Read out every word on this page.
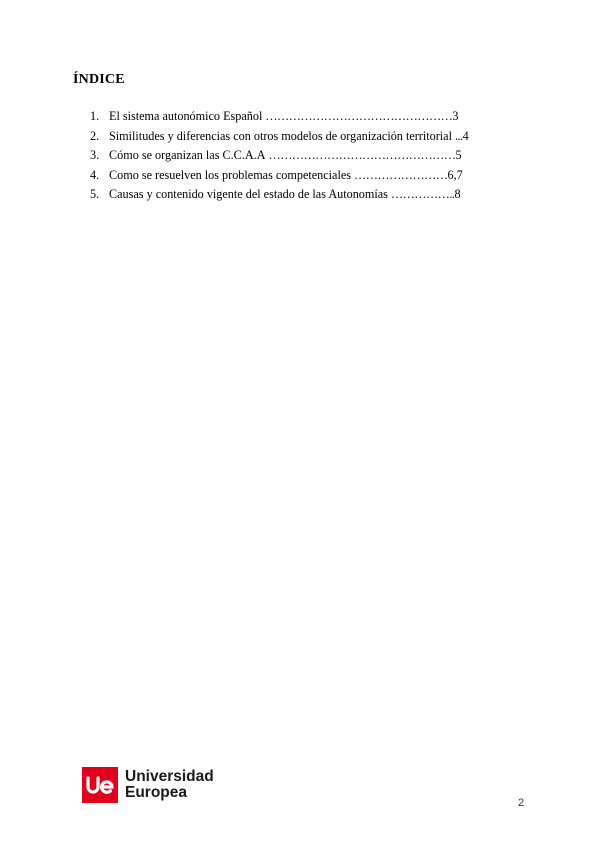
ÍNDICE
1. El sistema autonómico Español ………………………………………… 3
2. Similitudes y diferencias con otros modelos de organización territorial ... 4
3. Cómo se organizan las C.C.A.A ………………………………………… 5
4. Como se resuelven los problemas competenciales …………………… 6,7
5. Causas y contenido vigente del estado de las Autonomías …………….. 8
Universidad
Europea
2
